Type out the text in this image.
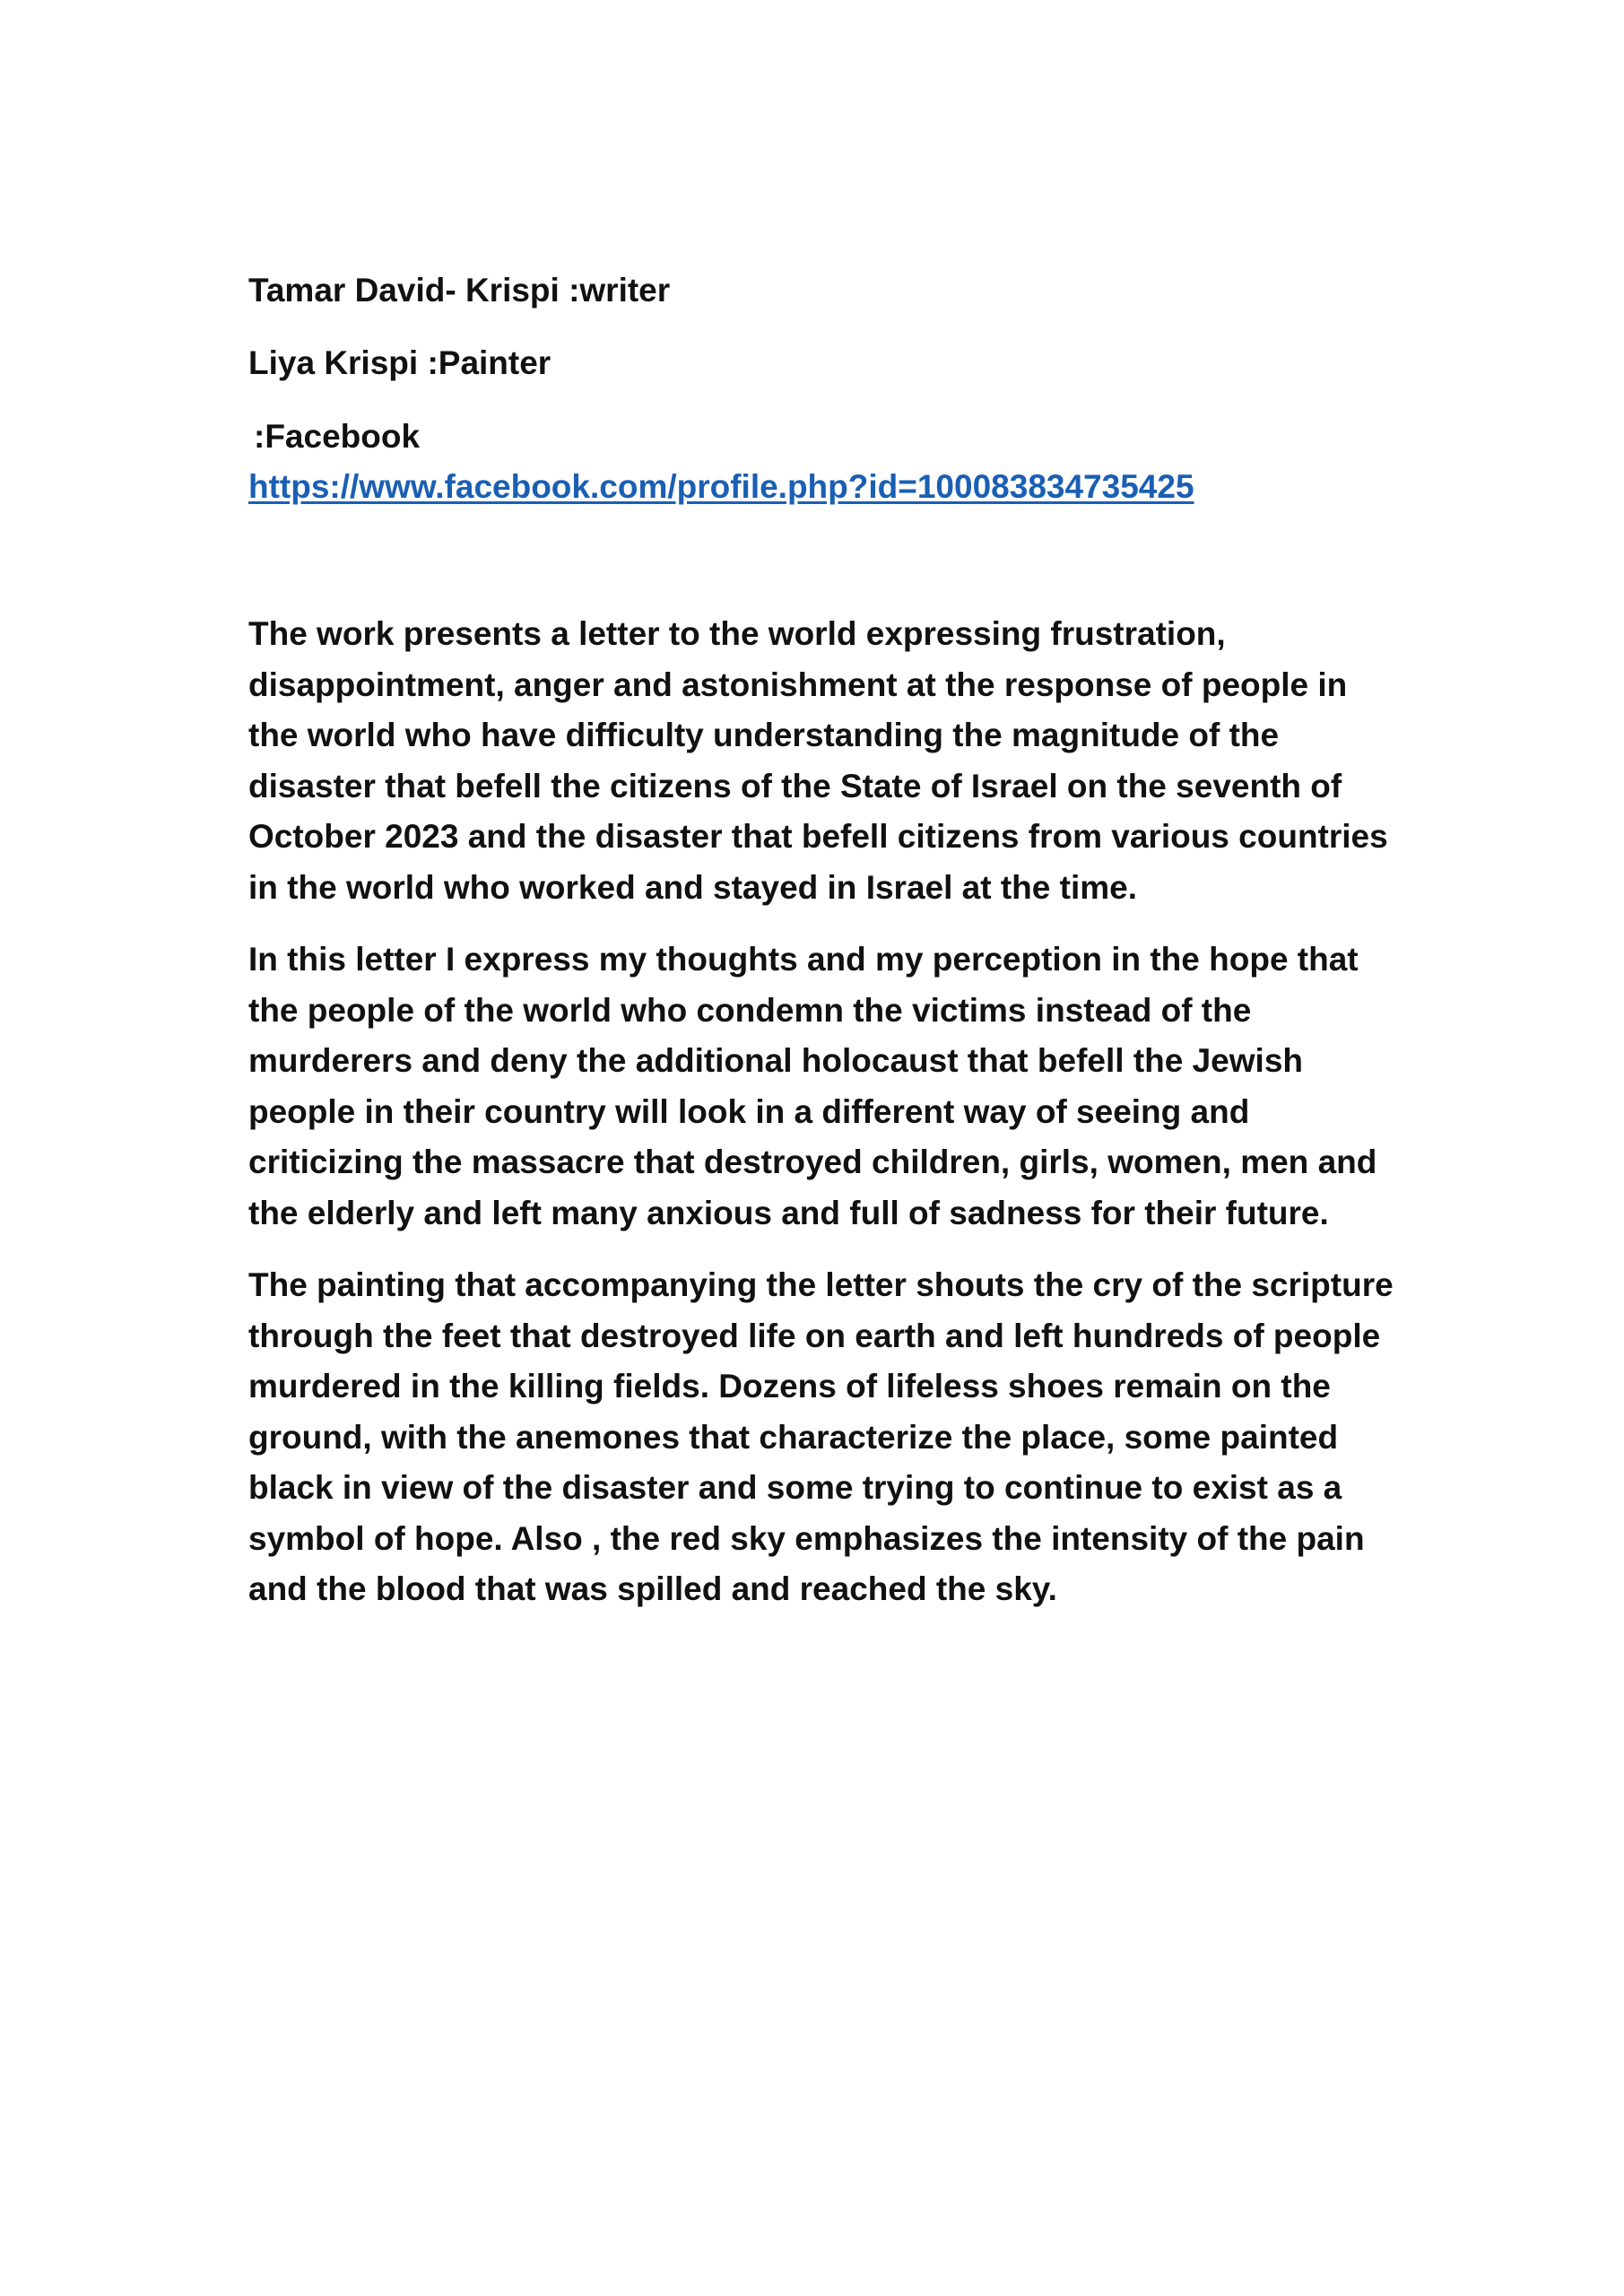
Tamar David- Krispi :writer

Liya Krispi :Painter

:Facebook

https://www.facebook.com/profile.php?id=100083834735425

The work presents a letter to the world expressing frustration, disappointment, anger and astonishment at the response of people in the world who have difficulty understanding the magnitude of the disaster that befell the citizens of the State of Israel on the seventh of October 2023 and the disaster that befell citizens from various countries in the world who worked and stayed in Israel at the time.

In this letter I express my thoughts and my perception in the hope that the people of the world who condemn the victims instead of the murderers and deny the additional holocaust that befell the Jewish people in their country will look in a different way of seeing and criticizing the massacre that destroyed children, girls, women, men and the elderly and left many anxious and full of sadness for their future.

The painting that accompanying the letter shouts the cry of the scripture through the feet that destroyed life on earth and left hundreds of people murdered in the killing fields. Dozens of lifeless shoes remain on the ground, with the anemones that characterize the place, some painted black in view of the disaster and some trying to continue to exist as a symbol of hope. Also , the red sky emphasizes the intensity of the pain and the blood that was spilled and reached the sky.
